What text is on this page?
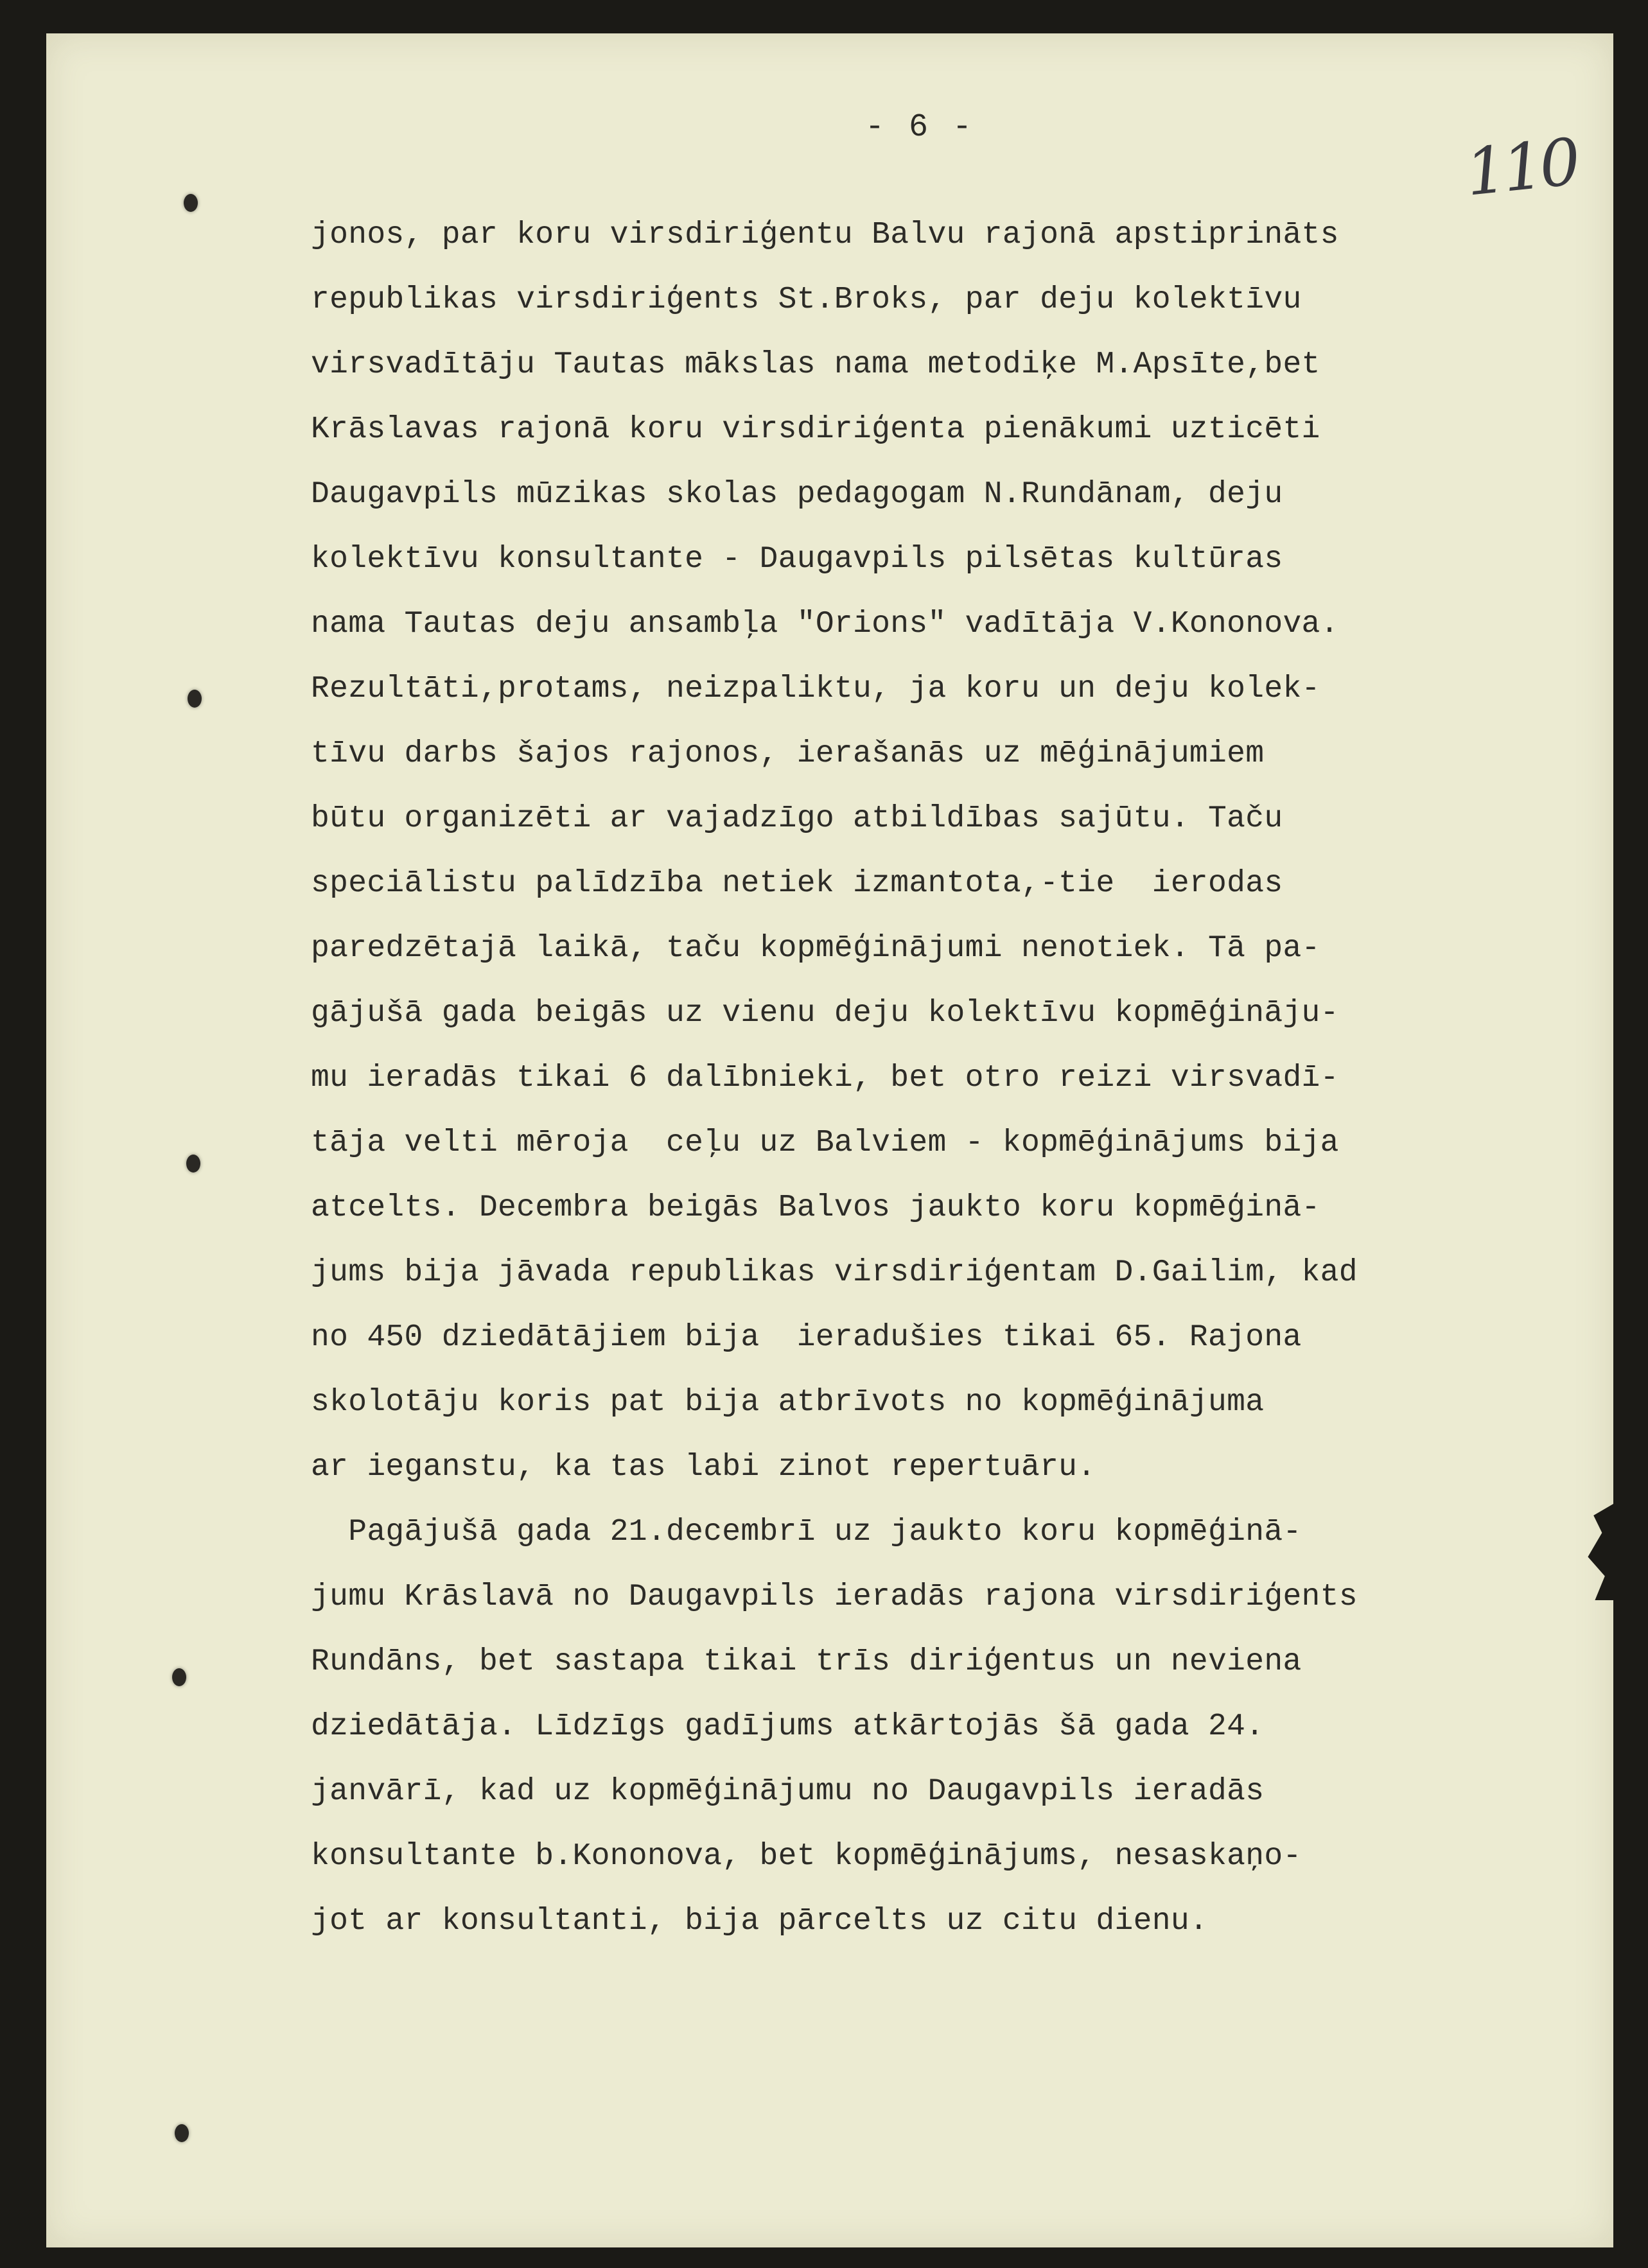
- 6 -	110
jonos, par koru virsdiriģentu Balvu rajonā apstiprināts
republikas virsdiriģents St.Broks, par deju kolektīvu
virsvadītāju Tautas mākslas nama metodiķe M.Apsīte,bet
Krāslavas rajonā koru virsdiriģenta pienākumi uzticēti
Daugavpils mūzikas skolas pedagogam N.Rundānam, deju
kolektīvu konsultante - Daugavpils pilsētas kultūras
nama Tautas deju ansambļa "Orions" vadītāja V.Kononova.
Rezultāti,protams, neizpaliktu, ja koru un deju kolek-
tīvu darbs šajos rajonos, ierašanās uz mēģinājumiem
būtu organizēti ar vajadzīgo atbildības sajūtu. Taču
speciālistu palīdzība netiek izmantota,-tie  ierodas
paredzētajā laikā, taču kopmēģinājumi nenotiek. Tā pa-
gājušā gada beigās uz vienu deju kolektīvu kopmēģināju-
mu ieradās tikai 6 dalībnieki, bet otro reizi virsvadī-
tāja velti mēroja  ceļu uz Balviem - kopmēģinājums bija
atcelts. Decembra beigās Balvos jaukto koru kopmēģinā-
jums bija jāvada republikas virsdiriģentam D.Gailim, kad
no 450 dziedātājiem bija  ieradušies tikai 65. Rajona
skolotāju koris pat bija atbrīvots no kopmēģinājuma
ar ieganstu, ka tas labi zinot repertuāru.
Pagājušā gada 21.decembrī uz jaukto koru kopmēģinā-
jumu Krāslavā no Daugavpils ieradās rajona virsdiriģents
Rundāns, bet sastapa tikai trīs diriģentus un neviena
dziedātāja. Līdzīgs gadījums atkārtojās šā gada 24.
janvārī, kad uz kopmēģinājumu no Daugavpils ieradās
konsultante b.Kononova, bet kopmēģinājums, nesaskaņo-
jot ar konsultanti, bija pārcelts uz citu dienu.
